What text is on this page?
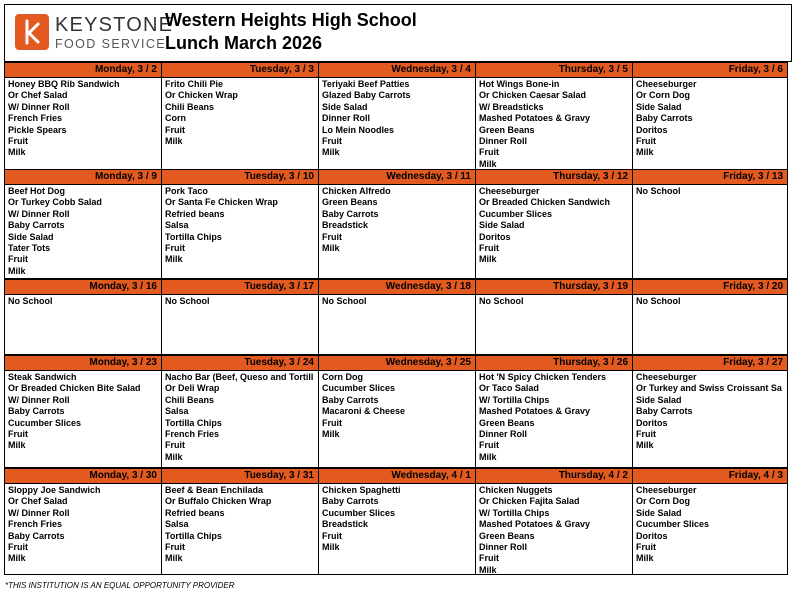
KEYSTONE
FOOD SERVICE
Western Heights High School
Lunch March 2026
Monday, 3 / 2
Honey BBQ Rib Sandwich
Or Chef Salad
W/ Dinner Roll
French Fries
Pickle Spears
Fruit
Milk
Tuesday, 3 / 3
Frito Chili Pie
Or Chicken Wrap
Chili Beans
Corn
Fruit
Milk
Wednesday, 3 / 4
Teriyaki Beef Patties
Glazed Baby Carrots
Side Salad
Dinner Roll
Lo Mein Noodles
Fruit
Milk
Thursday, 3 / 5
Hot Wings Bone-in
Or Chicken Caesar Salad
W/ Breadsticks
Mashed Potatoes & Gravy
Green Beans
Dinner Roll
Fruit
Milk
Friday, 3 / 6
Cheeseburger
Or Corn Dog
Side Salad
Baby Carrots
Doritos
Fruit
Milk
Monday, 3 / 9
Beef Hot Dog
Or Turkey Cobb Salad
W/ Dinner Roll
Baby Carrots
Side Salad
Tater Tots
Fruit
Milk
Tuesday, 3 / 10
Pork Taco
Or Santa Fe Chicken Wrap
Refried beans
Salsa
Tortilla Chips
Fruit
Milk
Wednesday, 3 / 11
Chicken Alfredo
Green Beans
Baby Carrots
Breadstick
Fruit
Milk
Thursday, 3 / 12
Cheeseburger
Or Breaded Chicken Sandwich
Cucumber Slices
Side Salad
Doritos
Fruit
Milk
Friday, 3 / 13
No School
Monday, 3 / 16
No School
Tuesday, 3 / 17
No School
Wednesday, 3 / 18
No School
Thursday, 3 / 19
No School
Friday, 3 / 20
No School
Monday, 3 / 23
Steak Sandwich
Or Breaded Chicken Bite Salad
W/ Dinner Roll
Baby Carrots
Cucumber Slices
Fruit
Milk
Tuesday, 3 / 24
Nacho Bar (Beef, Queso and Tortill
Or Deli Wrap
Chili Beans
Salsa
Tortilla Chips
French Fries
Fruit
Milk
Wednesday, 3 / 25
Corn Dog
Cucumber Slices
Baby Carrots
Macaroni & Cheese
Fruit
Milk
Thursday, 3 / 26
Hot 'N Spicy Chicken Tenders
Or Taco Salad
W/ Tortilla Chips
Mashed Potatoes & Gravy
Green Beans
Dinner Roll
Fruit
Milk
Friday, 3 / 27
Cheeseburger
Or Turkey and Swiss Croissant Sa
Side Salad
Baby Carrots
Doritos
Fruit
Milk
Monday, 3 / 30
Sloppy Joe Sandwich
Or Chef Salad
W/ Dinner Roll
French Fries
Baby Carrots
Fruit
Milk
Tuesday, 3 / 31
Beef & Bean Enchilada
Or Buffalo Chicken Wrap
Refried beans
Salsa
Tortilla Chips
Fruit
Milk
Wednesday, 4 / 1
Chicken Spaghetti
Baby Carrots
Cucumber Slices
Breadstick
Fruit
Milk
Thursday, 4 / 2
Chicken Nuggets
Or Chicken Fajita Salad
W/ Tortilla Chips
Mashed Potatoes & Gravy
Green Beans
Dinner Roll
Fruit
Milk
Friday, 4 / 3
Cheeseburger
Or Corn Dog
Side Salad
Cucumber Slices
Doritos
Fruit
Milk
*THIS INSTITUTION IS AN EQUAL OPPORTUNITY PROVIDER
